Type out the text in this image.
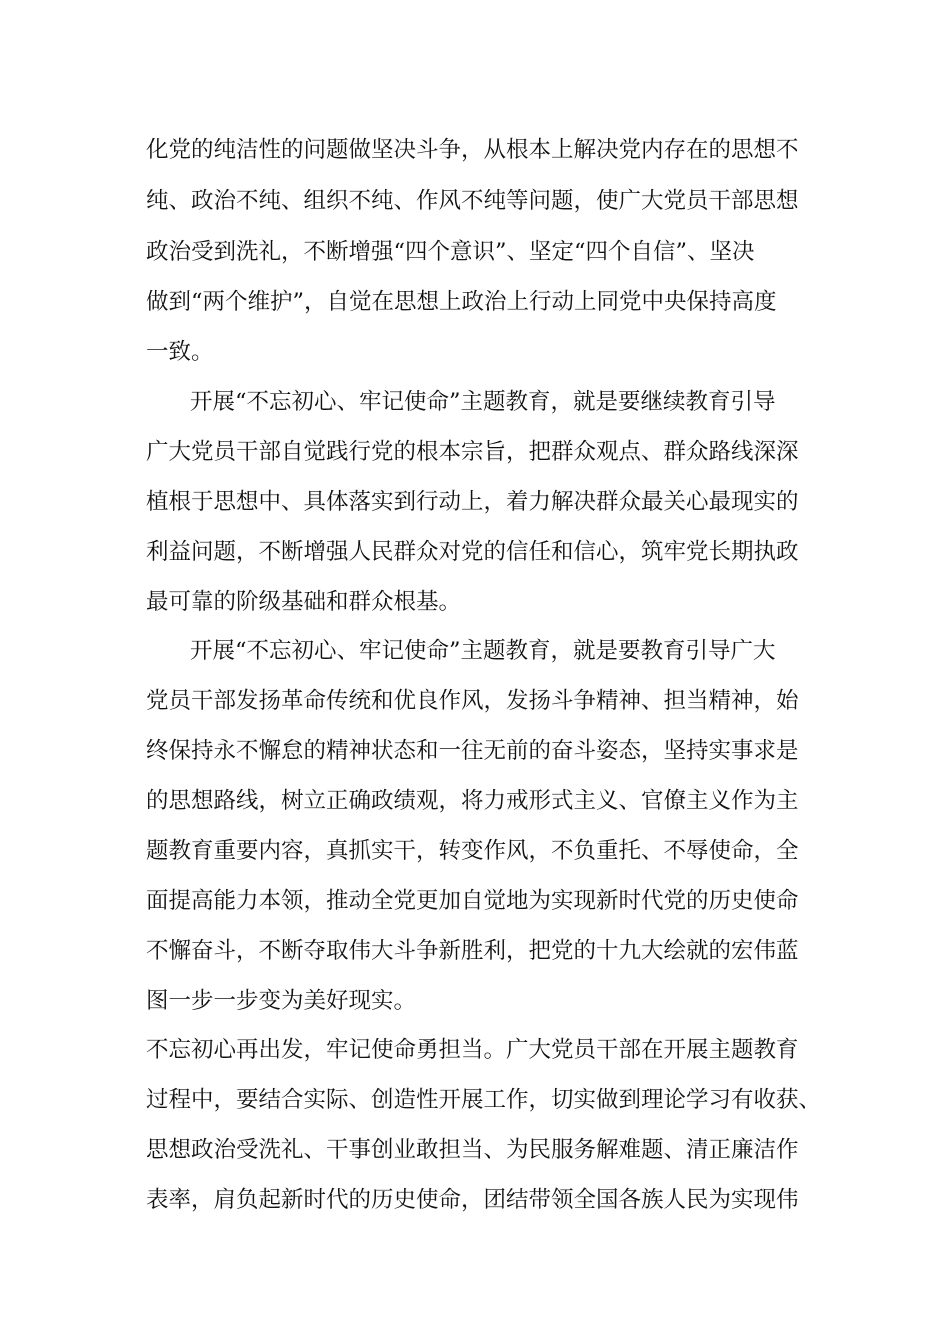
化党的纯洁性的问题做坚决斗争，从根本上解决党内存在的思想不
纯、政治不纯、组织不纯、作风不纯等问题，使广大党员干部思想
政治受到洗礼，不断增强“四个意识”、坚定“四个自信”、坚决
做到“两个维护”，自觉在思想上政治上行动上同党中央保持高度
一致。
开展“不忘初心、牢记使命”主题教育，就是要继续教育引导
广大党员干部自觉践行党的根本宗旨，把群众观点、群众路线深深
植根于思想中、具体落实到行动上，着力解决群众最关心最现实的
利益问题，不断增强人民群众对党的信任和信心，筑牢党长期执政
最可靠的阶级基础和群众根基。
开展“不忘初心、牢记使命”主题教育，就是要教育引导广大
党员干部发扬革命传统和优良作风，发扬斗争精神、担当精神，始
终保持永不懈怠的精神状态和一往无前的奋斗姿态，坚持实事求是
的思想路线，树立正确政绩观，将力戒形式主义、官僚主义作为主
题教育重要内容，真抓实干，转变作风，不负重托、不辱使命，全
面提高能力本领，推动全党更加自觉地为实现新时代党的历史使命
不懈奋斗，不断夺取伟大斗争新胜利，把党的十九大绘就的宏伟蓝
图一步一步变为美好现实。
不忘初心再出发，牢记使命勇担当。广大党员干部在开展主题教育
过程中，要结合实际、创造性开展工作，切实做到理论学习有收获、
思想政治受洗礼、干事创业敢担当、为民服务解难题、清正廉洁作
表率，肩负起新时代的历史使命，团结带领全国各族人民为实现伟
